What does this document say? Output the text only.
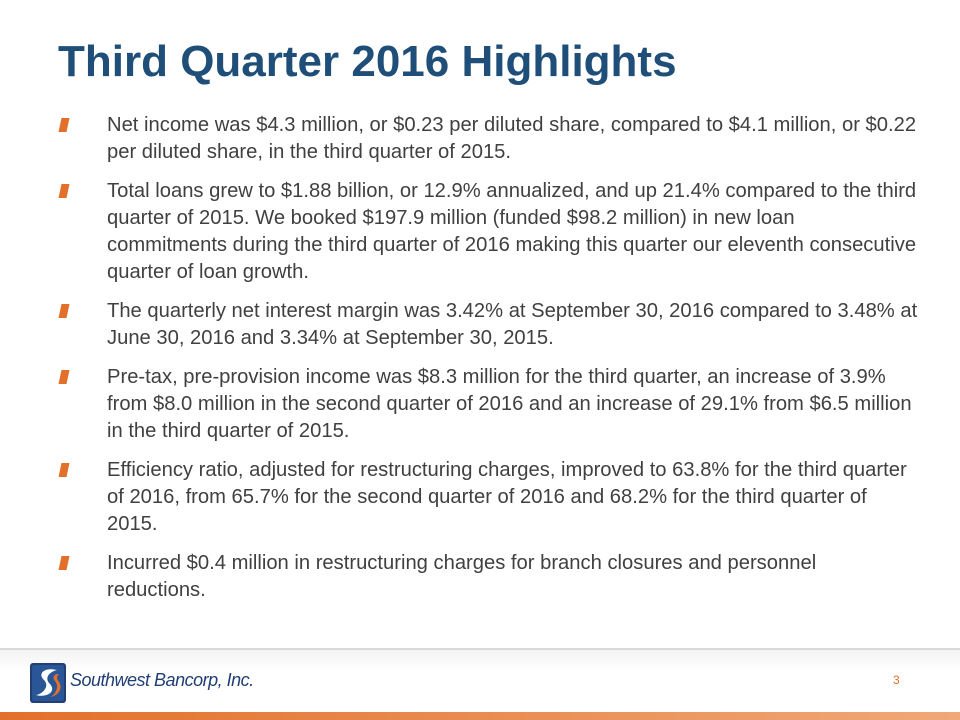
Third Quarter 2016 Highlights
Net income was $4.3 million, or $0.23 per diluted share, compared to $4.1 million, or $0.22 per diluted share, in the third quarter of 2015.
Total loans grew to $1.88 billion, or 12.9% annualized, and up 21.4% compared to the third quarter of 2015. We booked $197.9 million (funded $98.2 million) in new loan commitments during the third quarter of 2016 making this quarter our eleventh consecutive quarter of loan growth.
The quarterly net interest margin was 3.42% at September 30, 2016 compared to 3.48% at June 30, 2016 and 3.34% at September 30, 2015.
Pre-tax, pre-provision income was $8.3 million for the third quarter, an increase of 3.9% from $8.0 million in the second quarter of 2016 and an increase of 29.1% from $6.5 million in the third quarter of 2015.
Efficiency ratio, adjusted for restructuring charges, improved to 63.8% for the third quarter of 2016, from 65.7% for the second quarter of 2016 and 68.2% for the third quarter of 2015.
Incurred $0.4 million in restructuring charges for branch closures and personnel reductions.
Southwest Bancorp, Inc.	3
